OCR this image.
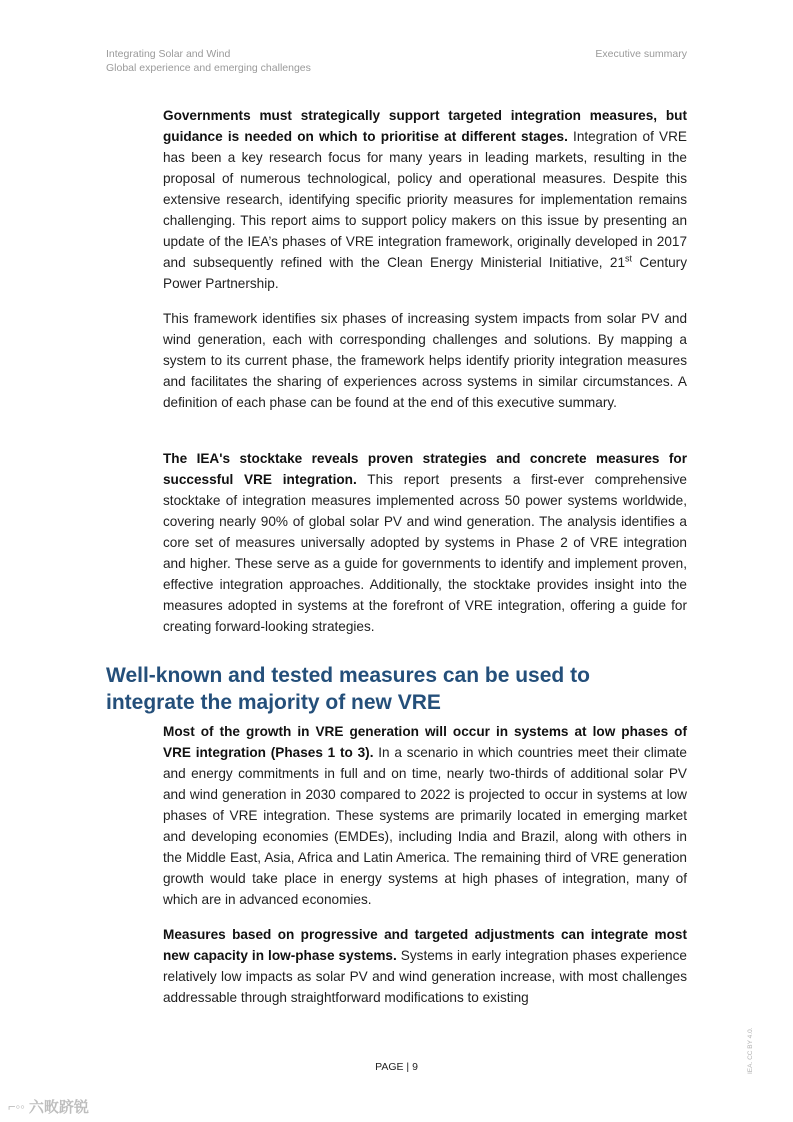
Integrating Solar and Wind
Global experience and emerging challenges
Executive summary

Governments must strategically support targeted integration measures, but guidance is needed on which to prioritise at different stages. Integration of VRE has been a key research focus for many years in leading markets, resulting in the proposal of numerous technological, policy and operational measures. Despite this extensive research, identifying specific priority measures for implementation remains challenging. This report aims to support policy makers on this issue by presenting an update of the IEA’s phases of VRE integration framework, originally developed in 2017 and subsequently refined with the Clean Energy Ministerial Initiative, 21st Century Power Partnership.

This framework identifies six phases of increasing system impacts from solar PV and wind generation, each with corresponding challenges and solutions. By mapping a system to its current phase, the framework helps identify priority integration measures and facilitates the sharing of experiences across systems in similar circumstances. A definition of each phase can be found at the end of this executive summary.

The IEA's stocktake reveals proven strategies and concrete measures for successful VRE integration. This report presents a first-ever comprehensive stocktake of integration measures implemented across 50 power systems worldwide, covering nearly 90% of global solar PV and wind generation. The analysis identifies a core set of measures universally adopted by systems in Phase 2 of VRE integration and higher. These serve as a guide for governments to identify and implement proven, effective integration approaches. Additionally, the stocktake provides insight into the measures adopted in systems at the forefront of VRE integration, offering a guide for creating forward-looking strategies.

Well-known and tested measures can be used to
integrate the majority of new VRE

Most of the growth in VRE generation will occur in systems at low phases of VRE integration (Phases 1 to 3). In a scenario in which countries meet their climate and energy commitments in full and on time, nearly two-thirds of additional solar PV and wind generation in 2030 compared to 2022 is projected to occur in systems at low phases of VRE integration. These systems are primarily located in emerging market and developing economies (EMDEs), including India and Brazil, along with others in the Middle East, Asia, Africa and Latin America. The remaining third of VRE generation growth would take place in energy systems at high phases of integration, many of which are in advanced economies.

Measures based on progressive and targeted adjustments can integrate most new capacity in low-phase systems. Systems in early integration phases experience relatively low impacts as solar PV and wind generation increase, with most challenges addressable through straightforward modifications to existing

PAGE | 9	IEA. CC BY 4.0.
⌐◦◦ 六畋跻锐
